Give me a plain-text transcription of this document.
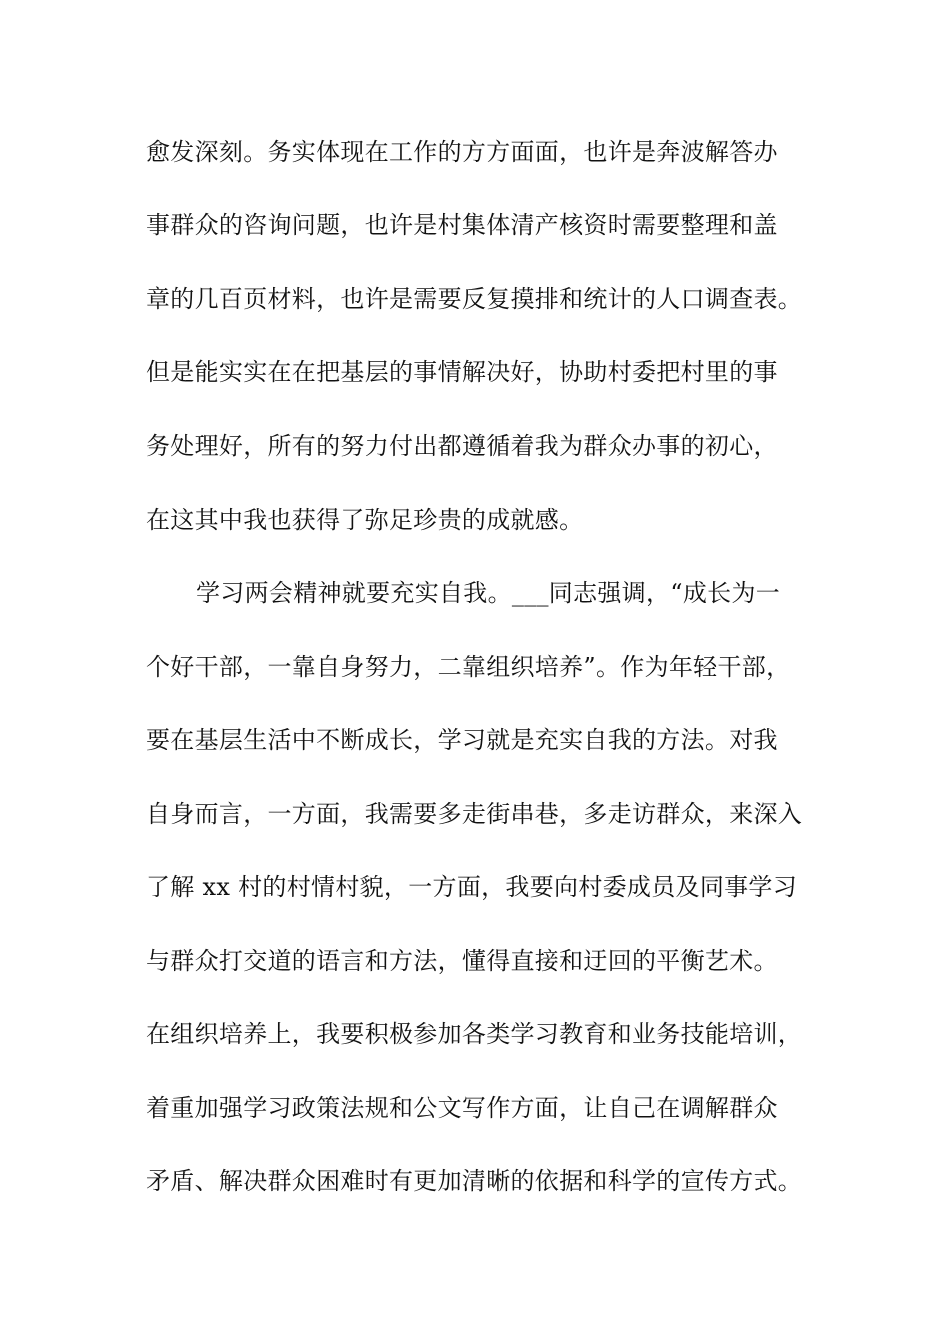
愈发深刻。务实体现在工作的方方面面，也许是奔波解答办
事群众的咨询问题，也许是村集体清产核资时需要整理和盖
章的几百页材料，也许是需要反复摸排和统计的人口调查表。
但是能实实在在把基层的事情解决好，协助村委把村里的事
务处理好，所有的努力付出都遵循着我为群众办事的初心，
在这其中我也获得了弥足珍贵的成就感。
学习两会精神就要充实自我。___同志强调，“成长为一
个好干部，一靠自身努力，二靠组织培养”。作为年轻干部，
要在基层生活中不断成长，学习就是充实自我的方法。对我
自身而言，一方面，我需要多走街串巷，多走访群众，来深入
了解 xx 村的村情村貌，一方面，我要向村委成员及同事学习
与群众打交道的语言和方法，懂得直接和迂回的平衡艺术。
在组织培养上，我要积极参加各类学习教育和业务技能培训，
着重加强学习政策法规和公文写作方面，让自己在调解群众
矛盾、解决群众困难时有更加清晰的依据和科学的宣传方式。
